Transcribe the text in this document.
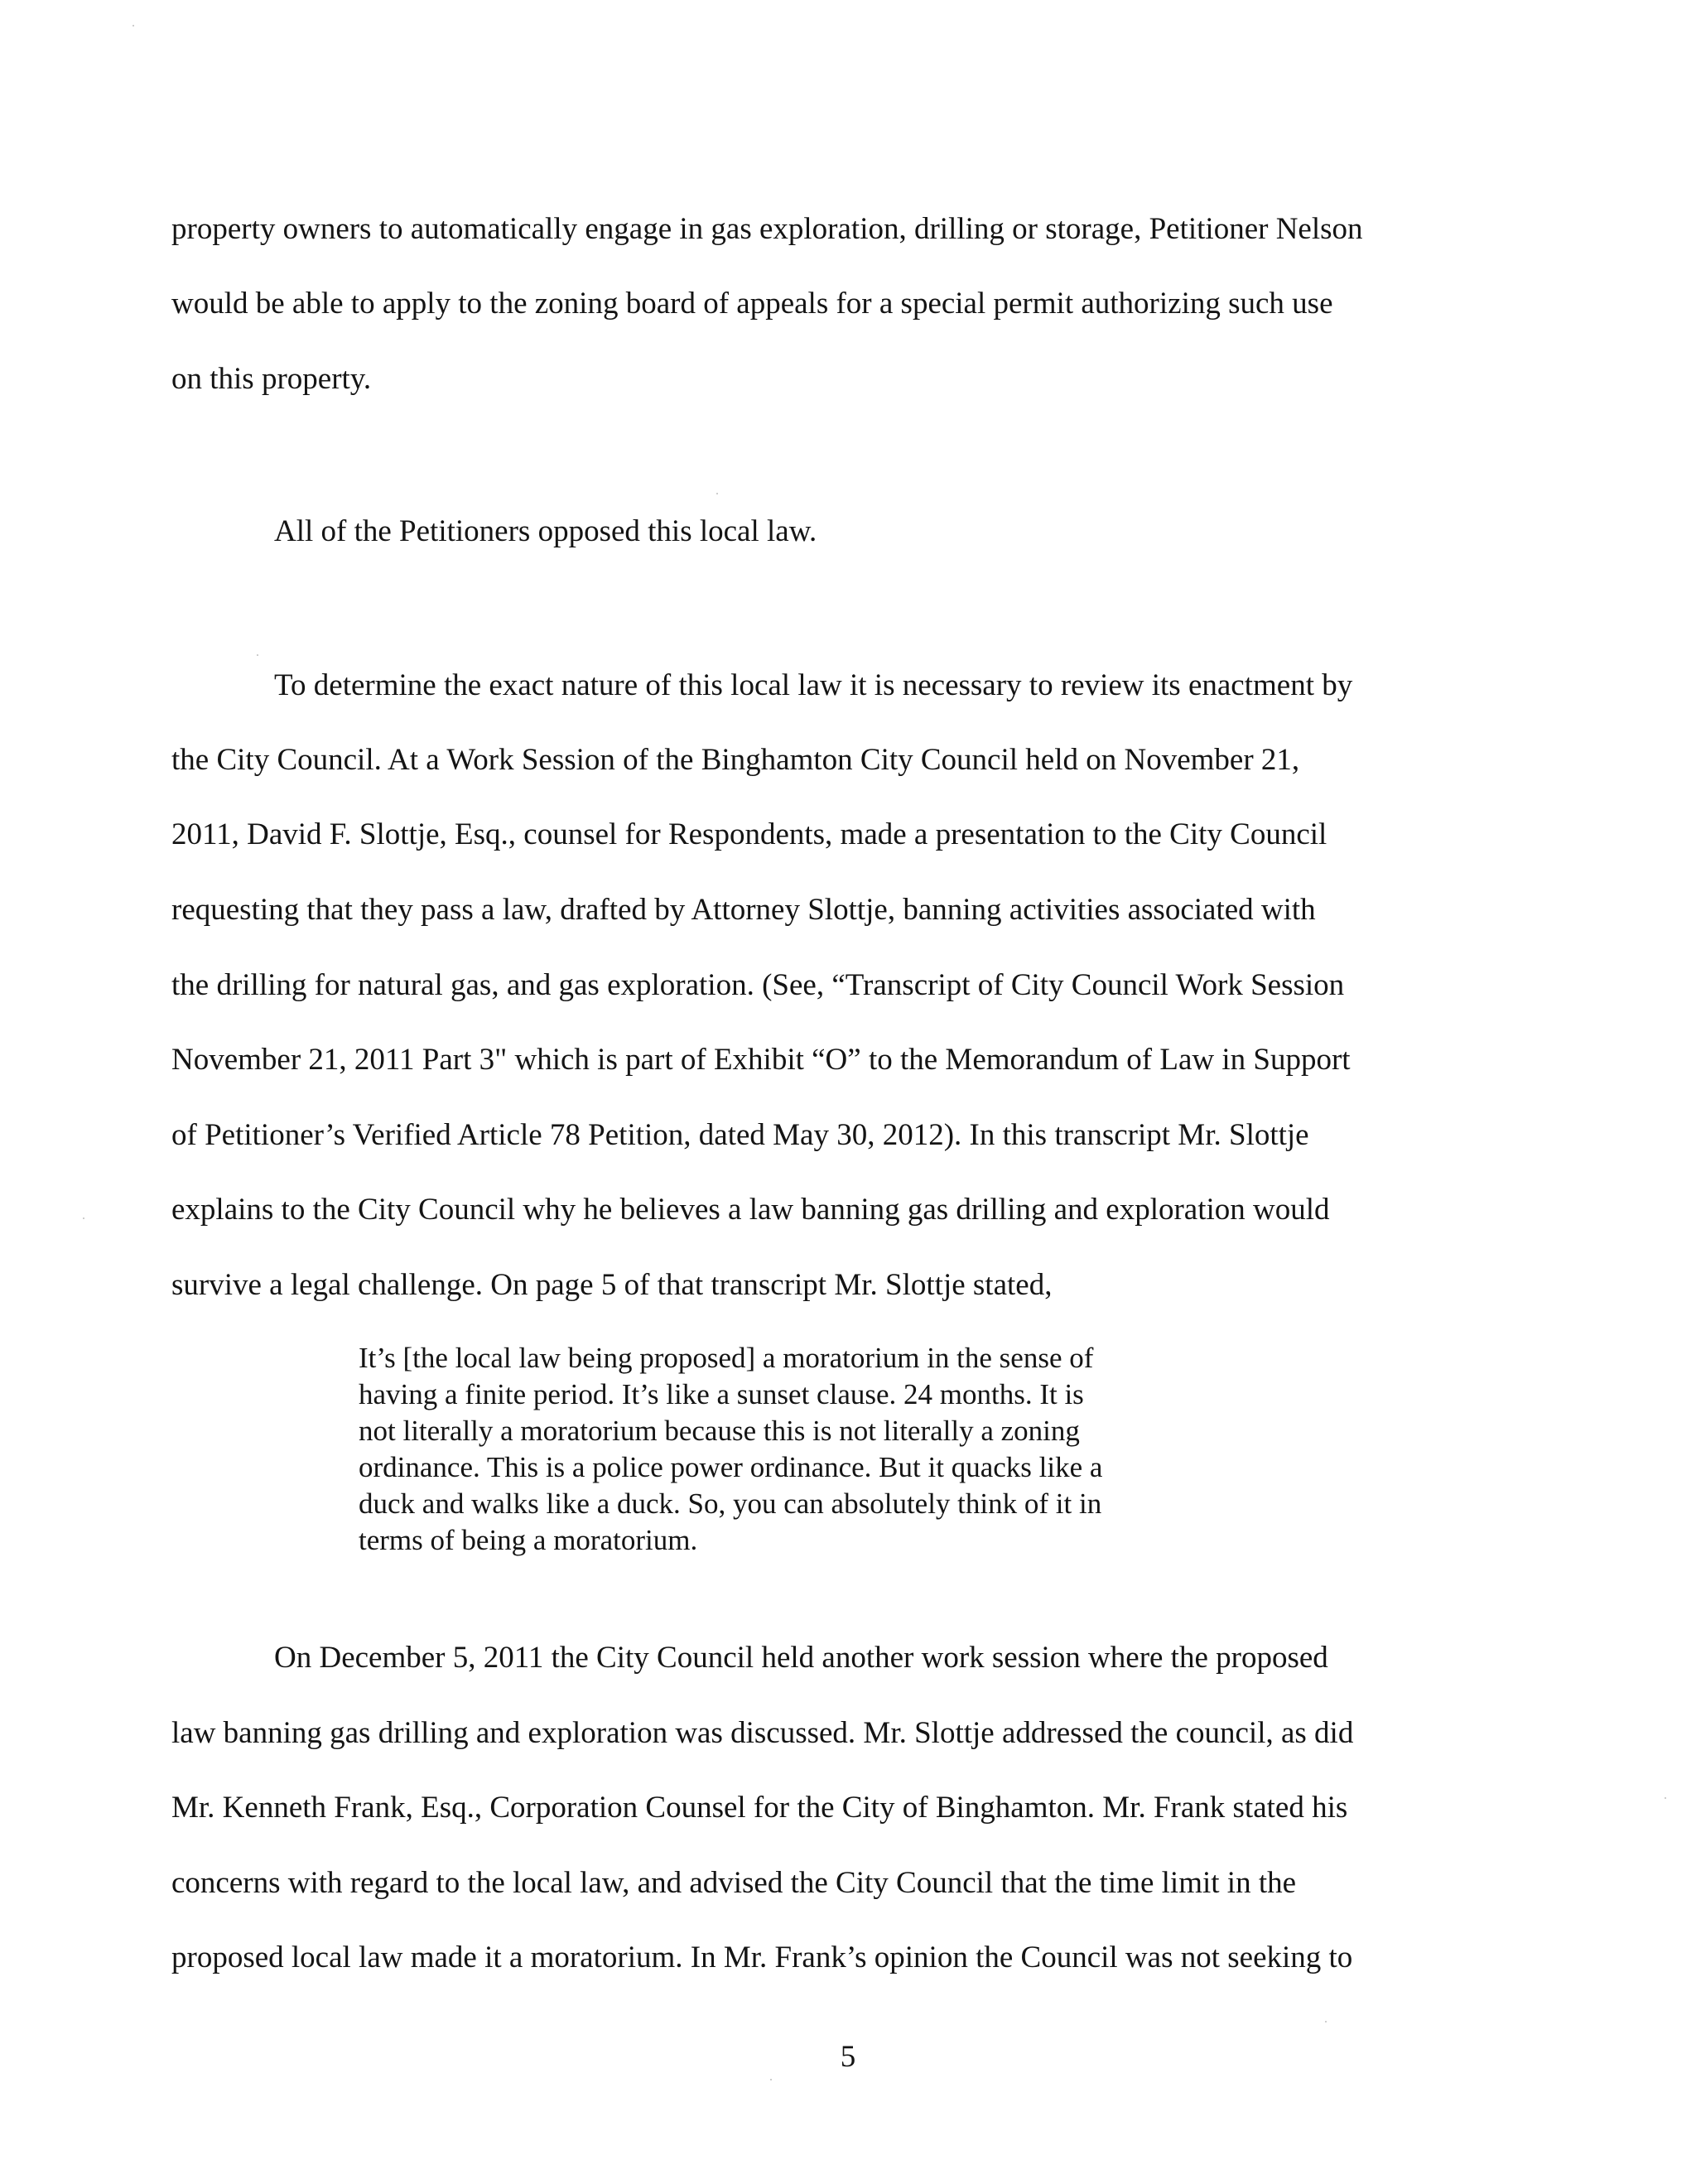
property owners to automatically engage in gas exploration, drilling or storage, Petitioner Nelson
would be able to apply to the zoning board of appeals for a special permit authorizing such use
on this property.
All of the Petitioners opposed this local law.
To determine the exact nature of this local law it is necessary to review its enactment by
the City Council. At a Work Session of the Binghamton City Council held on November 21,
2011, David F. Slottje, Esq., counsel for Respondents, made a presentation to the City Council
requesting that they pass a law, drafted by Attorney Slottje, banning activities associated with
the drilling for natural gas, and gas exploration. (See, “Transcript of City Council Work Session
November 21, 2011 Part 3" which is part of Exhibit “O” to the Memorandum of Law in Support
of Petitioner’s Verified Article 78 Petition, dated May 30, 2012). In this transcript Mr. Slottje
explains to the City Council why he believes a law banning gas drilling and exploration would
survive a legal challenge. On page 5 of that transcript Mr. Slottje stated,
It’s [the local law being proposed] a moratorium in the sense of
having a finite period. It’s like a sunset clause. 24 months. It is
not literally a moratorium because this is not literally a zoning
ordinance. This is a police power ordinance. But it quacks like a
duck and walks like a duck. So, you can absolutely think of it in
terms of being a moratorium.
On December 5, 2011 the City Council held another work session where the proposed
law banning gas drilling and exploration was discussed. Mr. Slottje addressed the council, as did
Mr. Kenneth Frank, Esq., Corporation Counsel for the City of Binghamton. Mr. Frank stated his
concerns with regard to the local law, and advised the City Council that the time limit in the
proposed local law made it a moratorium. In Mr. Frank’s opinion the Council was not seeking to
5
